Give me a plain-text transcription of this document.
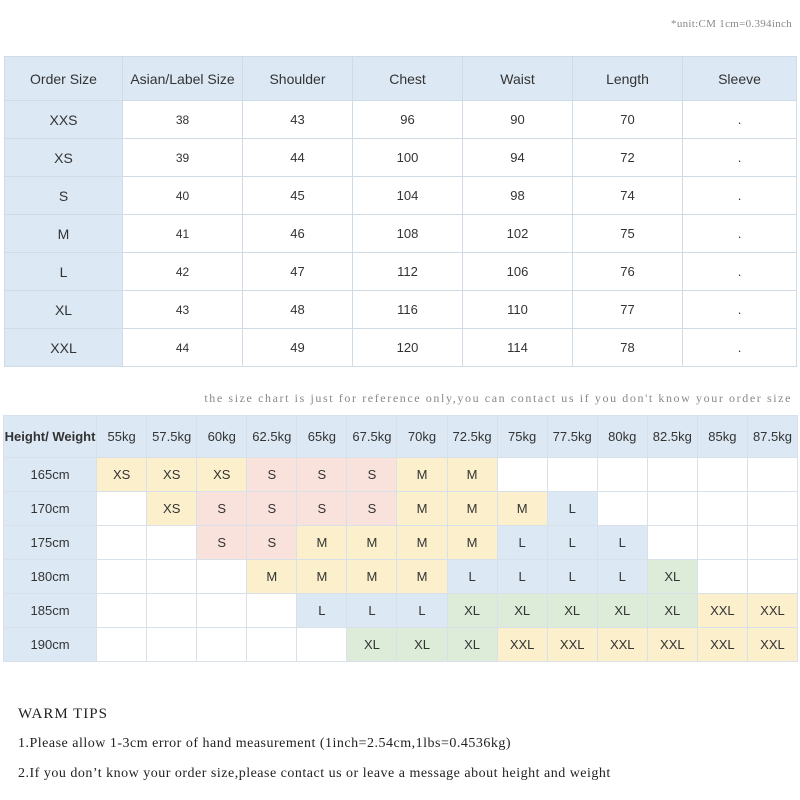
*unit:CM 1cm=0.394inch
Order Size	Asian/Label Size	Shoulder	Chest	Waist	Length	Sleeve
XXS	38	43	96	90	70	.
XS	39	44	100	94	72	.
S	40	45	104	98	74	.
M	41	46	108	102	75	.
L	42	47	112	106	76	.
XL	43	48	116	110	77	.
XXL	44	49	120	114	78	.
the size chart is just for reference only,you can contact us if you don't know your order size
Height/ Weight	55kg	57.5kg	60kg	62.5kg	65kg	67.5kg	70kg	72.5kg	75kg	77.5kg	80kg	82.5kg	85kg	87.5kg
165cm	XS	XS	XS	S	S	S	M	M						
170cm		XS	S	S	S	S	M	M	M	L				
175cm			S	S	M	M	M	M	L	L	L			
180cm				M	M	M	M	L	L	L	L	XL		
185cm					L	L	L	XL	XL	XL	XL	XL	XXL	XXL
190cm						XL	XL	XL	XXL	XXL	XXL	XXL	XXL	XXL
WARM TIPS
1.Please allow 1-3cm error of hand measurement (1inch=2.54cm,1lbs=0.4536kg)
2.If you don’t know your order size,please contact us or leave a message about height and weight
